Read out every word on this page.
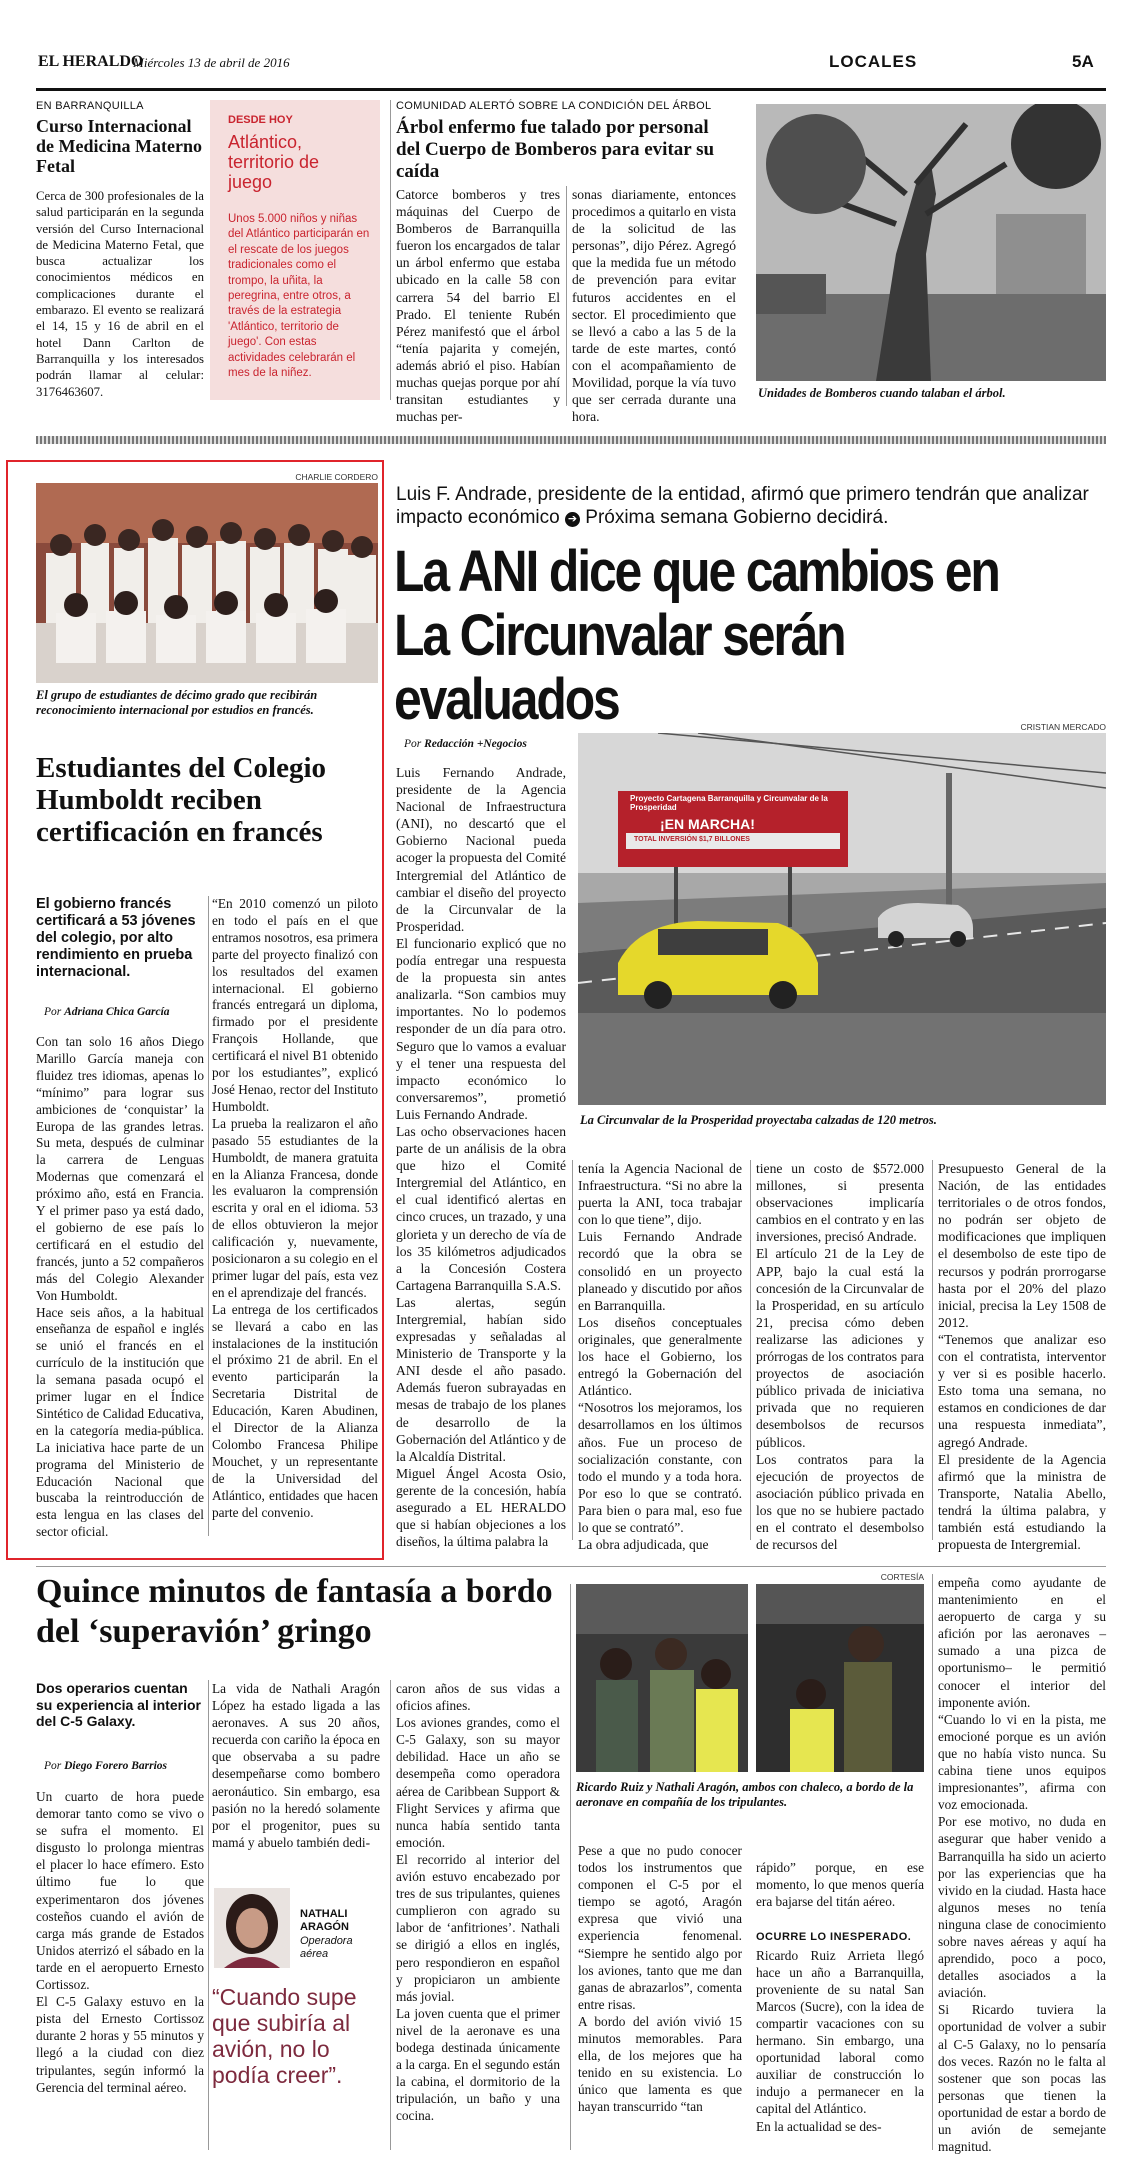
EL HERALDO
Miércoles 13 de abril de 2016	LOCALES	5A
EN BARRANQUILLA
Curso Internacional de Medicina Materno Fetal
Cerca de 300 profesionales de la salud participarán en la segunda versión del Curso Internacional de Medicina Materno Fetal, que busca actualizar los conocimientos médicos en complicaciones durante el embarazo. El evento se realizará el 14, 15 y 16 de abril en el hotel Dann Carlton de Barranquilla y los interesados podrán llamar al celular: 3176463607.
DESDE HOY
Atlántico, territorio de juego
Unos 5.000 niños y niñas del Atlántico participarán en el rescate de los juegos tradicionales como el trompo, la uñita, la peregrina, entre otros, a través de la estrategia 'Atlántico, territorio de juego'. Con estas actividades celebrarán el mes de la niñez.
COMUNIDAD ALERTÓ SOBRE LA CONDICIÓN DEL ÁRBOL
Árbol enfermo fue talado por personal del Cuerpo de Bomberos para evitar su caída
Catorce bomberos y tres máquinas del Cuerpo de Bomberos de Barranquilla fueron los encargados de talar un árbol enfermo que estaba ubicado en la calle 58 con carrera 54 del barrio El Prado. El teniente Rubén Pérez manifestó que el árbol “tenía pajarita y comején, además abrió el piso. Habían muchas quejas porque por ahí transitan estudiantes y muchas per-
sonas diariamente, entonces procedimos a quitarlo en vista de la solicitud de las personas”, dijo Pérez. Agregó que la medida fue un método de prevención para evitar futuros accidentes en el sector. El procedimiento que se llevó a cabo a las 5 de la tarde de este martes, contó con el acompañamiento de Movilidad, porque la vía tuvo que ser cerrada durante una hora.
Unidades de Bomberos cuando talaban el árbol.
CHARLIE CORDERO
El grupo de estudiantes de décimo grado que recibirán reconocimiento internacional por estudios en francés.
Estudiantes del Colegio Humboldt reciben certificación en francés
El gobierno francés certificará a 53 jóvenes del colegio, por alto rendimiento en prueba internacional.
Por Adriana Chica García
Con tan solo 16 años Diego Marillo García maneja con fluidez tres idiomas, apenas lo “mínimo” para lograr sus ambiciones de ‘conquistar’ la Europa de las grandes letras. Su meta, después de culminar la carrera de Lenguas Modernas que comenzará el próximo año, está en Francia. Y el primer paso ya está dado, el gobierno de ese país lo certificará en el estudio del francés, junto a 52 compañeros más del Colegio Alexander Von Humboldt.
Hace seis años, a la habitual enseñanza de español e inglés se unió el francés en el currículo de la institución que la semana pasada ocupó el primer lugar en el Índice Sintético de Calidad Educativa, en la categoría media-pública. La iniciativa hace parte de un programa del Ministerio de Educación Nacional que buscaba la reintroducción de esta lengua en las clases del sector oficial.
“En 2010 comenzó un piloto en todo el país en el que entramos nosotros, esa primera parte del proyecto finalizó con los resultados del examen internacional. El gobierno francés entregará un diploma, firmado por el presidente François Hollande, que certificará el nivel B1 obtenido por los estudiantes”, explicó José Henao, rector del Instituto Humboldt.
La prueba la realizaron el año pasado 55 estudiantes de la Humboldt, de manera gratuita en la Alianza Francesa, donde les evaluaron la comprensión escrita y oral en el idioma. 53 de ellos obtuvieron la mejor calificación y, nuevamente, posicionaron a su colegio en el primer lugar del país, esta vez en el aprendizaje del francés.
La entrega de los certificados se llevará a cabo en las instalaciones de la institución el próximo 21 de abril. En el evento participarán la Secretaria Distrital de Educación, Karen Abudinen, el Director de la Alianza Colombo Francesa Philipe Mouchet, y un representante de la Universidad del Atlántico, entidades que hacen parte del convenio.
Luis F. Andrade, presidente de la entidad, afirmó que primero tendrán que analizar impacto económico ➔ Próxima semana Gobierno decidirá.
La ANI dice que cambios en La Circunvalar serán evaluados	CRISTIAN MERCADO
Por Redacción +Negocios
Proyecto Cartagena Barranquilla y Circunvalar de la Prosperidad
¡EN MARCHA!
TOTAL INVERSIÓN $1,7 BILLONES
La Circunvalar de la Prosperidad proyectaba calzadas de 120 metros.
Luis Fernando Andrade, presidente de la Agencia Nacional de Infraestructura (ANI), no descartó que el Gobierno Nacional pueda acoger la propuesta del Comité Intergremial del Atlántico de cambiar el diseño del proyecto de la Circunvalar de la Prosperidad.
El funcionario explicó que no podía entregar una respuesta de la propuesta sin antes analizarla. “Son cambios muy importantes. No lo podemos responder de un día para otro. Seguro que lo vamos a evaluar y el tener una respuesta del impacto económico lo conversaremos”, prometió Luis Fernando Andrade.
Las ocho observaciones hacen parte de un análisis de la obra que hizo el Comité Intergremial del Atlántico, en el cual identificó alertas en cinco cruces, un trazado, y una glorieta y un derecho de vía de los 35 kilómetros adjudicados a la Concesión Costera Cartagena Barranquilla S.A.S.
Las alertas, según Intergremial, habían sido expresadas y señaladas al Ministerio de Transporte y la ANI desde el año pasado. Además fueron subrayadas en mesas de trabajo de los planes de desarrollo de la Gobernación del Atlántico y de la Alcaldía Distrital.
Miguel Ángel Acosta Osio, gerente de la concesión, había asegurado a EL HERALDO que si habían objeciones a los diseños, la última palabra la
tenía la Agencia Nacional de Infraestructura. “Si no abre la puerta la ANI, toca trabajar con lo que tiene”, dijo.
Luis Fernando Andrade recordó que la obra se consolidó en un proyecto planeado y discutido por años en Barranquilla.
Los diseños conceptuales originales, que generalmente los hace el Gobierno, los entregó la Gobernación del Atlántico.
“Nosotros los mejoramos, los desarrollamos en los últimos años. Fue un proceso de socialización constante, con todo el mundo y a toda hora. Por eso lo que se contrató. Para bien o para mal, eso fue lo que se contrató”.
La obra adjudicada, que
tiene un costo de $572.000 millones, si presenta observaciones implicaría cambios en el contrato y en las inversiones, precisó Andrade.
El artículo 21 de la Ley de APP, bajo la cual está la concesión de la Circunvalar de la Prosperidad, en su artículo 21, precisa cómo deben realizarse las adiciones y prórrogas de los contratos para proyectos de asociación público privada de iniciativa privada que no requieren desembolsos de recursos públicos.
Los contratos para la ejecución de proyectos de asociación público privada en los que no se hubiere pactado en el contrato el desembolso de recursos del
Presupuesto General de la Nación, de las entidades territoriales o de otros fondos, no podrán ser objeto de modificaciones que impliquen el desembolso de este tipo de recursos y podrán prorrogarse hasta por el 20% del plazo inicial, precisa la Ley 1508 de 2012.
“Tenemos que analizar eso con el contratista, interventor y ver si es posible hacerlo. Esto toma una semana, no estamos en condiciones de dar una respuesta inmediata”, agregó Andrade.
El presidente de la Agencia afirmó que la ministra de Transporte, Natalia Abello, tendrá la última palabra, y también está estudiando la propuesta de Intergremial.
Quince minutos de fantasía a bordo del ‘superavión’ gringo
Dos operarios cuentan su experiencia al interior del C-5 Galaxy.
Por Diego Forero Barrios
Un cuarto de hora puede demorar tanto como se vivo o se sufra el momento. El disgusto lo prolonga mientras el placer lo hace efímero. Esto último fue lo que experimentaron dos jóvenes costeños cuando el avión de carga más grande de Estados Unidos aterrizó el sábado en la tarde en el aeropuerto Ernesto Cortissoz.
El C-5 Galaxy estuvo en la pista del Ernesto Cortissoz durante 2 horas y 55 minutos y llegó a la ciudad con diez tripulantes, según informó la Gerencia del terminal aéreo.
La vida de Nathali Aragón López ha estado ligada a las aeronaves. A sus 20 años, recuerda con cariño la época en que observaba a su padre desempeñarse como bombero aeronáutico. Sin embargo, esa pasión no la heredó solamente por el progenitor, pues su mamá y abuelo también dedi-
NATHALI ARAGÓN
Operadora aérea
“Cuando supe que subiría al avión, no lo podía creer”.
caron años de sus vidas a oficios afines.
Los aviones grandes, como el C-5 Galaxy, son su mayor debilidad. Hace un año se desempeña como operadora aérea de Caribbean Support & Flight Services y afirma que nunca había sentido tanta emoción.
El recorrido al interior del avión estuvo encabezado por tres de sus tripulantes, quienes cumplieron con agrado su labor de ‘anfitriones’. Nathali se dirigió a ellos en inglés, pero respondieron en español y propiciaron un ambiente más jovial.
La joven cuenta que el primer nivel de la aeronave es una bodega destinada únicamente a la carga. En el segundo están la cabina, el dormitorio de la tripulación, un baño y una cocina.
CORTESÍA
Ricardo Ruiz y Nathali Aragón, ambos con chaleco, a bordo de la aeronave en compañía de los tripulantes.
Pese a que no pudo conocer todos los instrumentos que componen el C-5 por el tiempo se agotó, Aragón expresa que vivió una experiencia fenomenal. “Siempre he sentido algo por los aviones, tanto que me dan ganas de abrazarlos”, comenta entre risas.
A bordo del avión vivió 15 minutos memorables. Para ella, de los mejores que ha tenido en su existencia. Lo único que lamenta es que hayan transcurrido “tan

rápido” porque, en ese momento, lo que menos quería era bajarse del titán aéreo.

OCURRE LO INESPERADO.
Ricardo Ruiz Arrieta llegó hace un año a Barranquilla, proveniente de su natal San Marcos (Sucre), con la idea de compartir vacaciones con su hermano. Sin embargo, una oportunidad laboral como auxiliar de construcción lo indujo a permanecer en la capital del Atlántico.
En la actualidad se des-

empeña como ayudante de mantenimiento en el aeropuerto de carga y su afición por las aeronaves –sumado a una pizca de oportunismo– le permitió conocer el interior del imponente avión.
“Cuando lo vi en la pista, me emocioné porque es un avión que no había visto nunca. Su cabina tiene unos equipos impresionantes”, afirma con voz emocionada.
Por ese motivo, no duda en asegurar que haber venido a Barranquilla ha sido un acierto por las experiencias que ha vivido en la ciudad. Hasta hace algunos meses no tenía ninguna clase de conocimiento sobre naves aéreas y aquí ha aprendido, poco a poco, detalles asociados a la aviación.
Si Ricardo tuviera la oportunidad de volver a subir al C-5 Galaxy, no lo pensaría dos veces. Razón no le falta al sostener que son pocas las personas que tienen la oportunidad de estar a bordo de un avión de semejante magnitud.
